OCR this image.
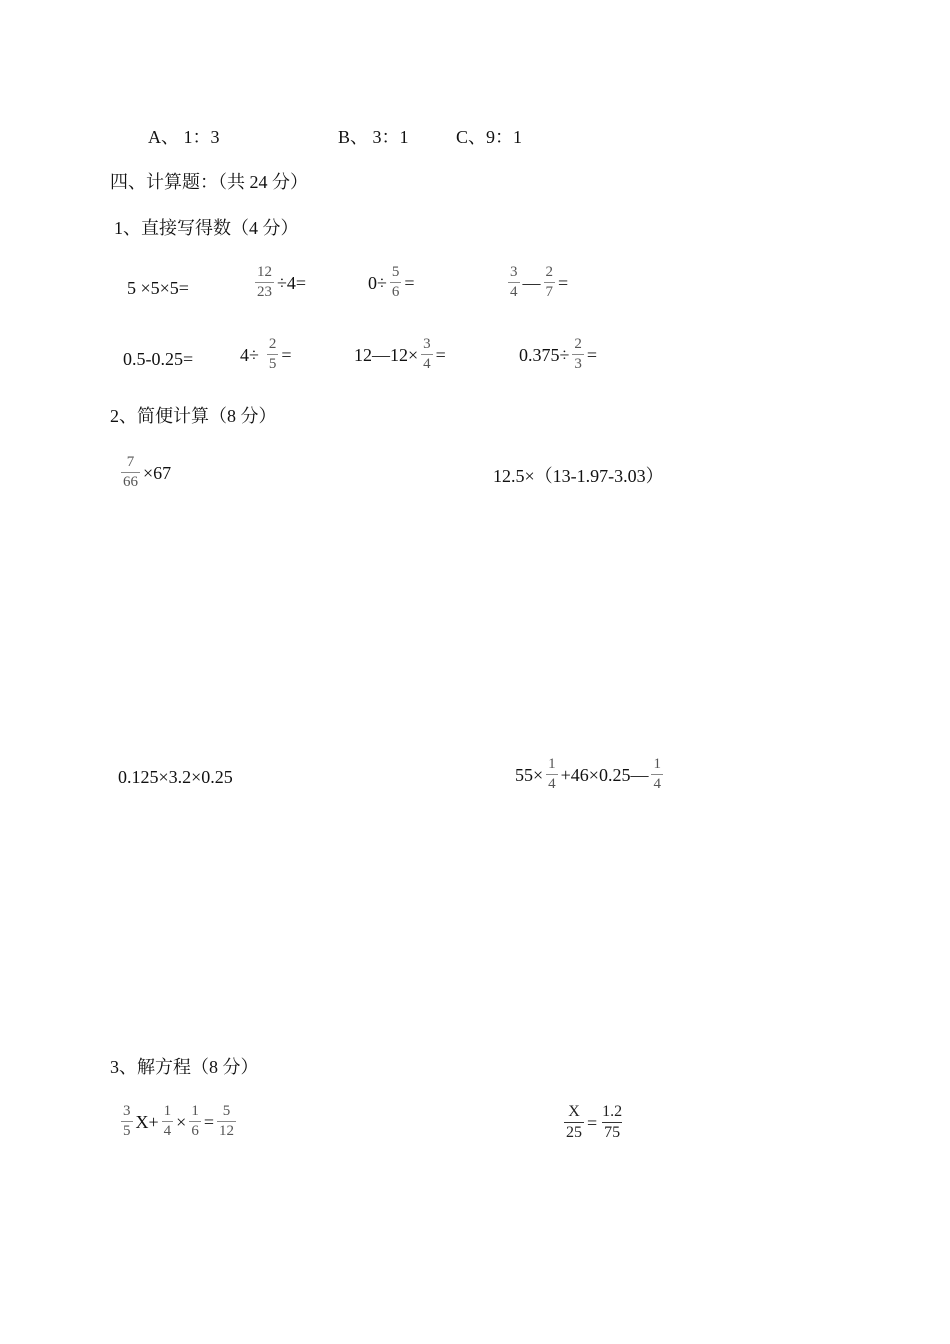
A、 1：3	B、 3：1	C、9：1
四、计算题：（共 24 分）
1、直接写得数（4 分）
5 ×5×5=	$\frac{12}{23} \div 4=$	$0\div \frac{5}{6}$ =	$\frac{3}{4}$ — $\frac{2}{7}$ =
0.5-0.25=	$4\div \frac{2}{5}$ =	12—12× $\frac{3}{4}$ =	$0.375\div \frac{2}{3}$ =
2、简便计算（8 分）
$\frac{7}{66} \times 67$	12.5×（13-1.97-3.03）
0.125×3.2×0.25	$55\times \frac{1}{4}$ +46×0.25— $\frac{1}{4}$
3、解方程（8 分）
$\frac{3}{5} X+ \frac{1}{4} \times \frac{1}{6} = \frac{5}{12}$	$\frac{X}{25} = \frac{1.2}{75}$
